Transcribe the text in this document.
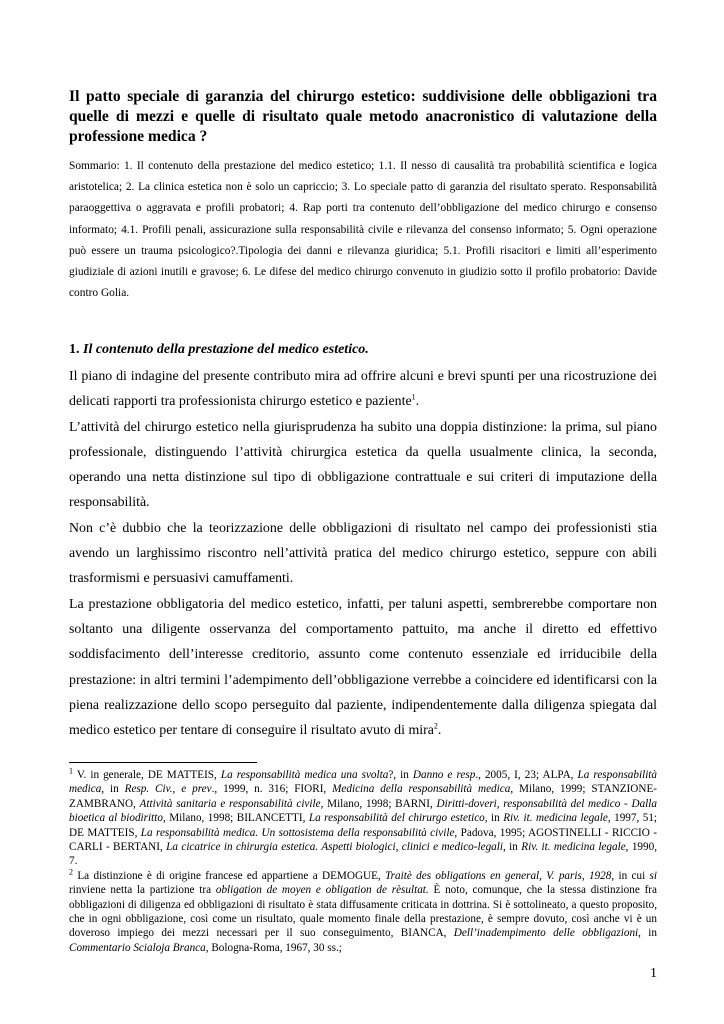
Il patto speciale di garanzia del chirurgo estetico: suddivisione delle obbligazioni tra quelle di mezzi e quelle di risultato quale metodo anacronistico di valutazione della professione medica ?

Sommario: 1. Il contenuto della prestazione del medico estetico; 1.1. Il nesso di causalità tra probabilità scientifica e logica aristotelica; 2. La clinica estetica non è solo un capriccio; 3. Lo speciale patto di garanzia del risultato sperato. Responsabilità paraoggettiva o aggravata e profili probatori; 4. Rap porti tra contenuto dell’obbligazione del medico chirurgo e consenso informato; 4.1. Profili penali, assicurazione sulla responsabilità civile e rilevanza del consenso informato; 5. Ogni operazione può essere un trauma psicologico?.Tipologia dei danni e rilevanza giuridica; 5.1. Profili risacitori e limiti all’esperimento giudiziale di azioni inutili e gravose; 6. Le difese del medico chirurgo convenuto in giudizio sotto il profilo probatorio: Davide contro Golia.

1. Il contenuto della prestazione del medico estetico.

Il piano di indagine del presente contributo mira ad offrire alcuni e brevi spunti per una ricostruzione dei delicati rapporti tra professionista chirurgo estetico e paziente$^1$.

L’attività del chirurgo estetico nella giurisprudenza ha subito una doppia distinzione: la prima, sul piano professionale, distinguendo l’attività chirurgica estetica da quella usualmente clinica, la seconda, operando una netta distinzione sul tipo di obbligazione contrattuale e sui criteri di imputazione della responsabilità.

Non c’è dubbio che la teorizzazione delle obbligazioni di risultato nel campo dei professionisti stia avendo un larghissimo riscontro nell’attività pratica del medico chirurgo estetico, seppure con abili trasformismi e persuasivi camuffamenti.

La prestazione obbligatoria del medico estetico, infatti, per taluni aspetti, sembrerebbe comportare non soltanto una diligente osservanza del comportamento pattuito, ma anche il diretto ed effettivo soddisfacimento dell’interesse creditorio, assunto come contenuto essenziale ed irriducibile della prestazione: in altri termini l’adempimento dell’obbligazione verrebbe a coincidere ed identificarsi con la piena realizzazione dello scopo perseguito dal paziente, indipendentemente dalla diligenza spiegata dal medico estetico per tentare di conseguire il risultato avuto di mira$^2$.

$^1$ V. in generale, DE MATTEIS, La responsabilità medica una svolta?, in Danno e resp., 2005, I, 23; ALPA, La responsabilità medica, in Resp. Civ., e prev., 1999, n. 316; FIORI, Medicina della responsabilità medica, Milano, 1999; STANZIONE-ZAMBRANO, Attività sanitaria e responsabilità civile, Milano, 1998; BARNI, Diritti-doveri, responsabilità del medico - Dalla bioetica al biodiritto, Milano, 1998; BILANCETTI, La responsabilità del chirurgo estetico, in Riv. it. medicina legale, 1997, 51; DE MATTEIS, La responsabilità medica. Un sottosistema della responsabilità civile, Padova, 1995; AGOSTINELLI - RICCIO - CARLI - BERTANI, La cicatrice in chirurgia estetica. Aspetti biologici, clinici e medico-legali, in Riv. it. medicina legale, 1990, 7.

$^2$ La distinzione è di origine francese ed appartiene a DEMOGUE, Traitè des obligations en general, V. paris, 1928, in cui si rinviene netta la partizione tra obligation de moyen e obligation de rèsultat. È noto, comunque, che la stessa distinzione fra obbligazioni di diligenza ed obbligazioni di risultato è stata diffusamente criticata in dottrina. Si è sottolineato, a questo proposito, che in ogni obbligazione, così come un risultato, quale momento finale della prestazione, è sempre dovuto, così anche vi è un doveroso impiego dei mezzi necessari per il suo conseguimento, BIANCA, Dell’inadempimento delle obbligazioni, in Commentario Scialoja Branca, Bologna-Roma, 1967, 30 ss.;

1
